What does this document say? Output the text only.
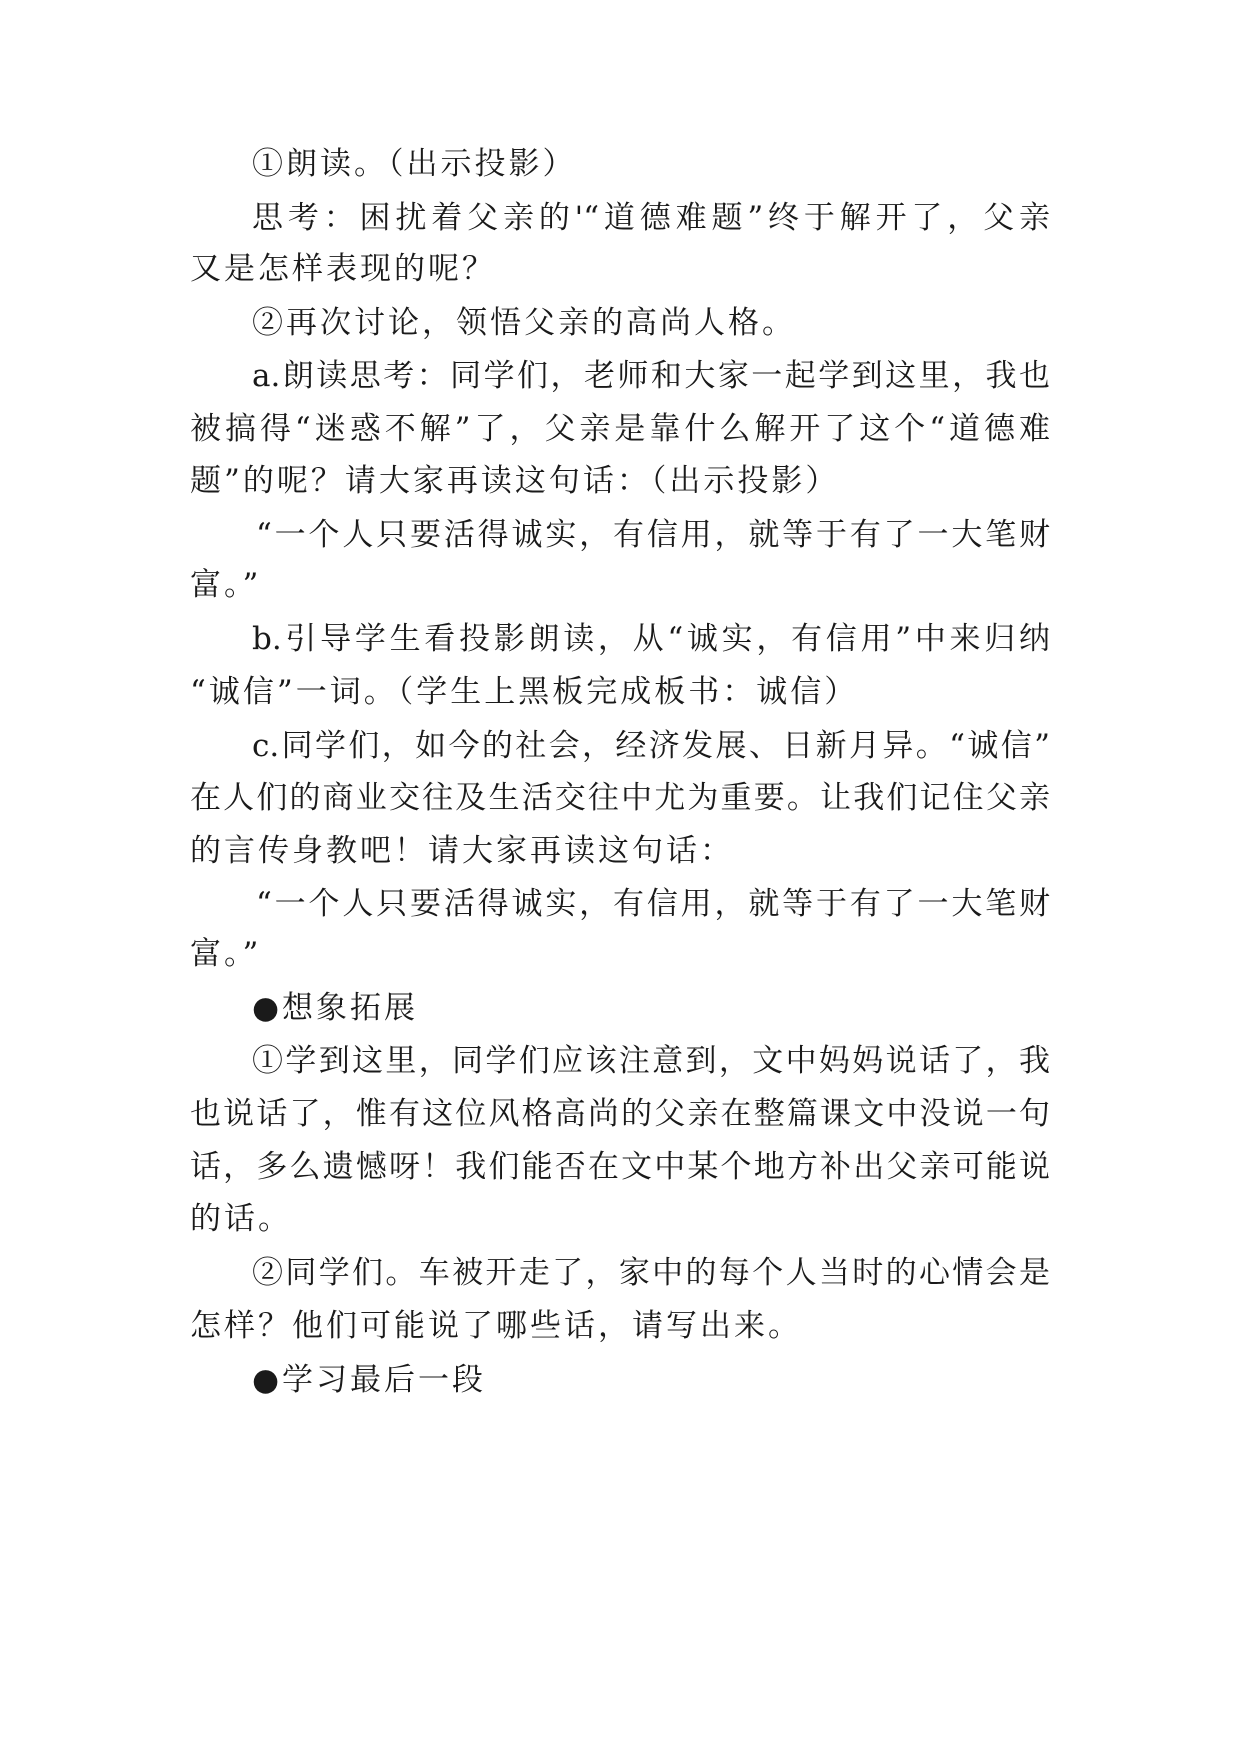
①朗读。（出示投影）
思考：困扰着父亲的'“道德难题”终于解开了，父亲
又是怎样表现的呢？
②再次讨论，领悟父亲的高尚人格。
a.朗读思考：同学们，老师和大家一起学到这里，我也
被搞得“迷惑不解”了，父亲是靠什么解开了这个“道德难
题”的呢？请大家再读这句话：（出示投影）
“一个人只要活得诚实，有信用，就等于有了一大笔财
富。”
b.引导学生看投影朗读，从“诚实，有信用”中来归纳
“诚信”一词。（学生上黑板完成板书：诚信）
c.同学们，如今的社会，经济发展、日新月异。“诚信”
在人们的商业交往及生活交往中尤为重要。让我们记住父亲
的言传身教吧！请大家再读这句话：
“一个人只要活得诚实，有信用，就等于有了一大笔财
富。”
●想象拓展
①学到这里，同学们应该注意到，文中妈妈说话了，我
也说话了，惟有这位风格高尚的父亲在整篇课文中没说一句
话，多么遗憾呀！我们能否在文中某个地方补出父亲可能说
的话。
②同学们。车被开走了，家中的每个人当时的心情会是
怎样？他们可能说了哪些话，请写出来。
●学习最后一段
